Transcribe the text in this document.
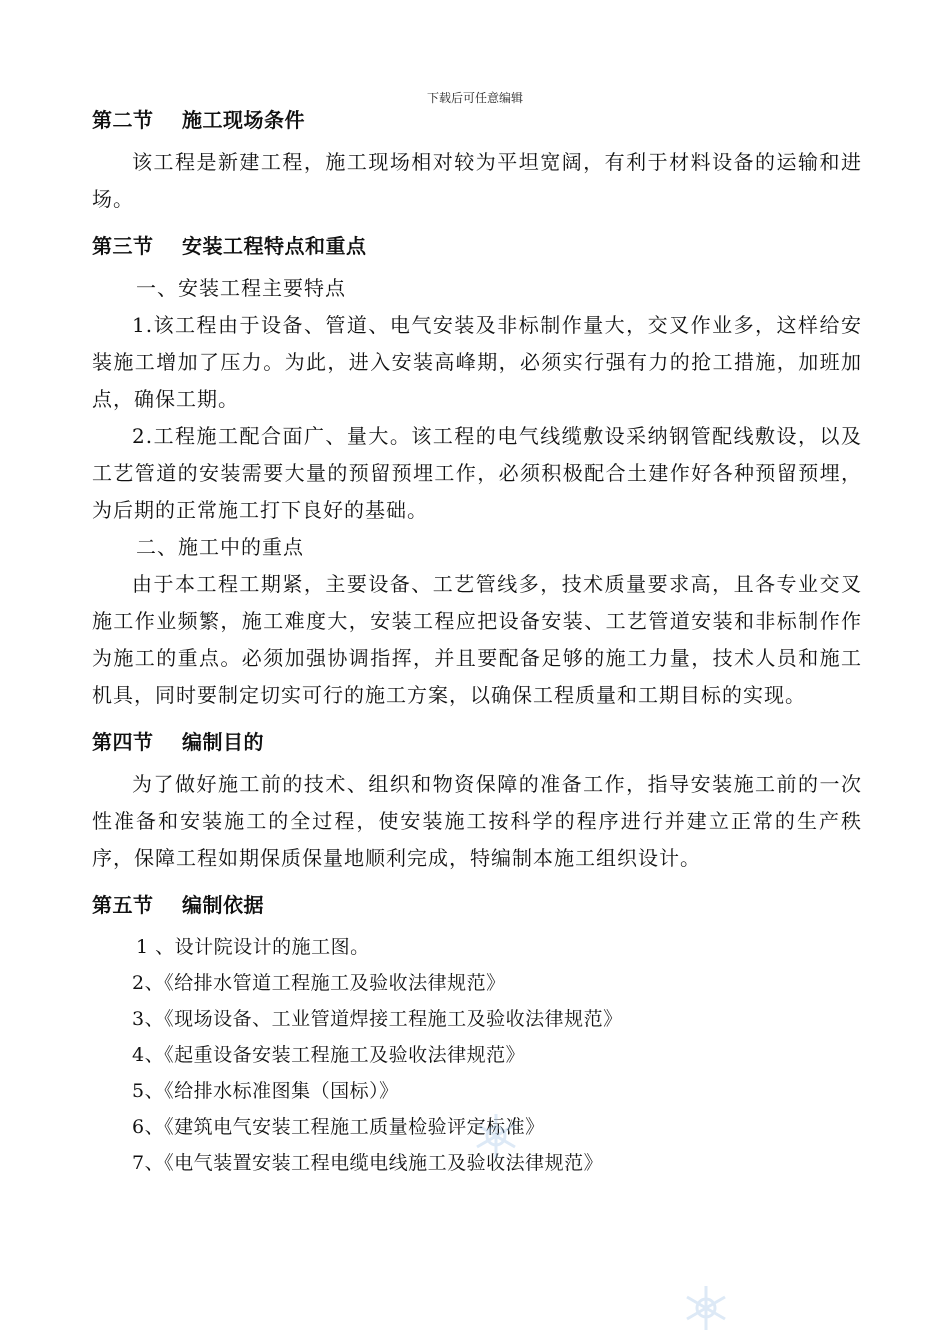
下载后可任意编辑
第二节 施工现场条件

该工程是新建工程，施工现场相对较为平坦宽阔，有利于材料设备的运输和进场。

第三节 安装工程特点和重点

一、安装工程主要特点

1.该工程由于设备、管道、电气安装及非标制作量大，交叉作业多，这样给安装施工增加了压力。为此，进入安装高峰期，必须实行强有力的抢工措施，加班加点，确保工期。

2.工程施工配合面广、量大。该工程的电气线缆敷设采纳钢管配线敷设，以及工艺管道的安装需要大量的预留预埋工作，必须积极配合土建作好各种预留预埋，为后期的正常施工打下良好的基础。

二、施工中的重点

由于本工程工期紧，主要设备、工艺管线多，技术质量要求高，且各专业交叉施工作业频繁，施工难度大，安装工程应把设备安装、工艺管道安装和非标制作作为施工的重点。必须加强协调指挥，并且要配备足够的施工力量，技术人员和施工机具，同时要制定切实可行的施工方案，以确保工程质量和工期目标的实现。

第四节 编制目的

为了做好施工前的技术、组织和物资保障的准备工作，指导安装施工前的一次性准备和安装施工的全过程，使安装施工按科学的程序进行并建立正常的生产秩序，保障工程如期保质保量地顺利完成，特编制本施工组织设计。

第五节 编制依据
1 、设计院设计的施工图。
2、《给排水管道工程施工及验收法律规范》
3、《现场设备、工业管道焊接工程施工及验收法律规范》
4、《起重设备安装工程施工及验收法律规范》
5、《给排水标准图集（国标）》
6、《建筑电气安装工程施工质量检验评定标准》
7、《电气装置安装工程电缆电线施工及验收法律规范》
